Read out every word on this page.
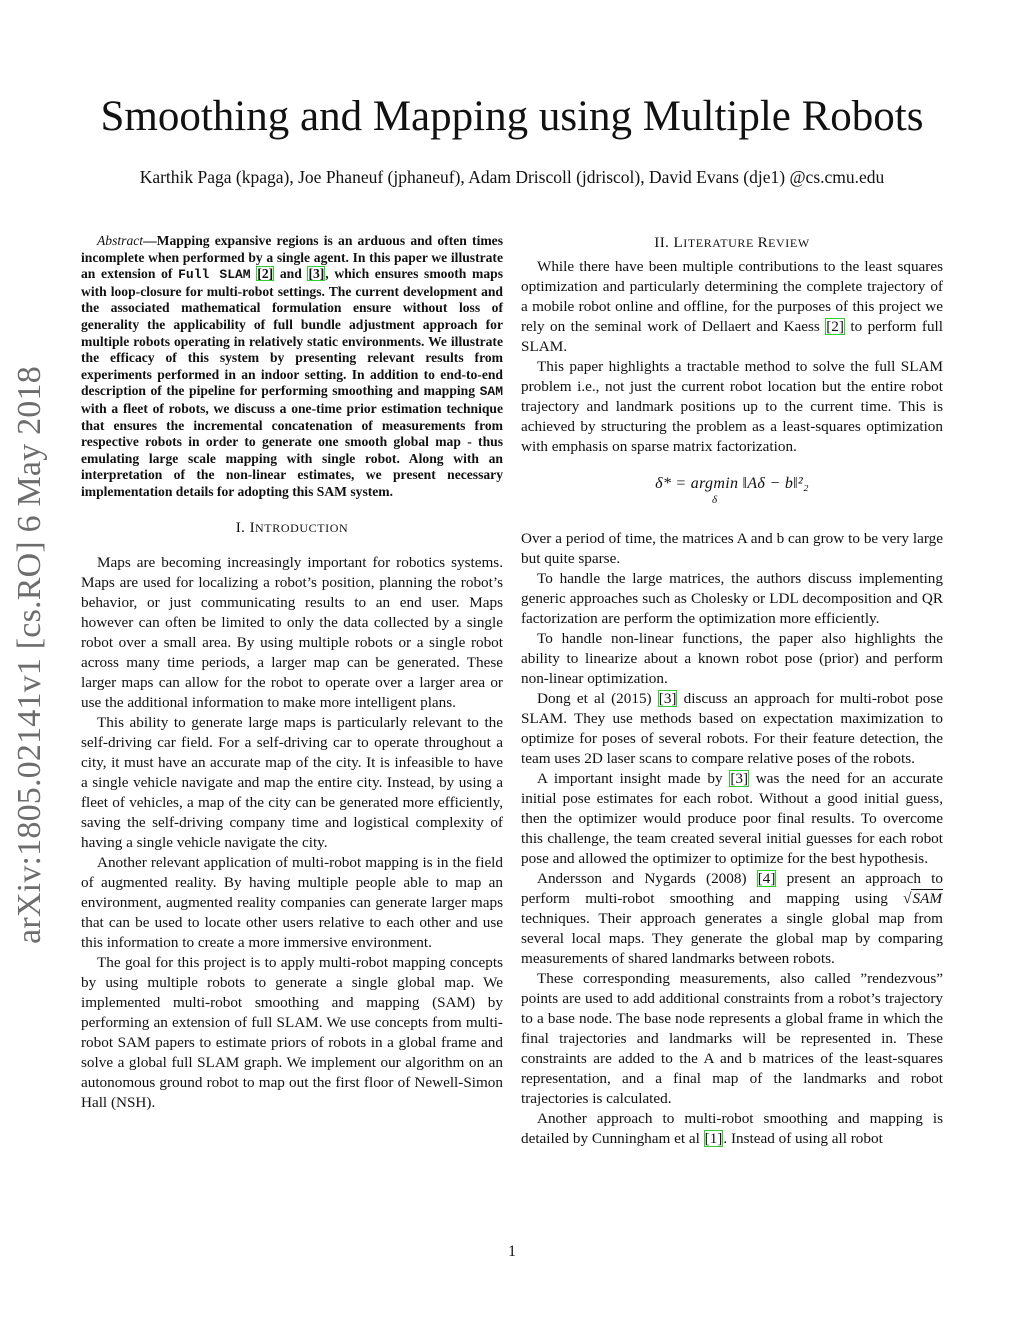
arXiv:1805.02141v1 [cs.RO] 6 May 2018
Smoothing and Mapping using Multiple Robots
Karthik Paga (kpaga), Joe Phaneuf (jphaneuf), Adam Driscoll (jdriscol), David Evans (dje1) @cs.cmu.edu

Abstract—Mapping expansive regions is an arduous and often times incomplete when performed by a single agent. In this paper we illustrate an extension of Full SLAM [2] and [3], which ensures smooth maps with loop-closure for multi-robot settings. The current development and the associated mathematical formulation ensure without loss of generality the applicability of full bundle adjustment approach for multiple robots operating in relatively static environments. We illustrate the efficacy of this system by presenting relevant results from experiments performed in an indoor setting. In addition to end-to-end description of the pipeline for performing smoothing and mapping SAM with a fleet of robots, we discuss a one-time prior estimation technique that ensures the incremental concatenation of measurements from respective robots in order to generate one smooth global map - thus emulating large scale mapping with single robot. Along with an interpretation of the non-linear estimates, we present necessary implementation details for adopting this SAM system.

I. INTRODUCTION

Maps are becoming increasingly important for robotics systems. Maps are used for localizing a robot’s position, planning the robot’s behavior, or just communicating results to an end user. Maps however can often be limited to only the data collected by a single robot over a small area. By using multiple robots or a single robot across many time periods, a larger map can be generated. These larger maps can allow for the robot to operate over a larger area or use the additional information to make more intelligent plans.

This ability to generate large maps is particularly relevant to the self-driving car field. For a self-driving car to operate throughout a city, it must have an accurate map of the city. It is infeasible to have a single vehicle navigate and map the entire city. Instead, by using a fleet of vehicles, a map of the city can be generated more efficiently, saving the self-driving company time and logistical complexity of having a single vehicle navigate the city.

Another relevant application of multi-robot mapping is in the field of augmented reality. By having multiple people able to map an environment, augmented reality companies can generate larger maps that can be used to locate other users relative to each other and use this information to create a more immersive environment.

The goal for this project is to apply multi-robot mapping concepts by using multiple robots to generate a single global map. We implemented multi-robot smoothing and mapping (SAM) by performing an extension of full SLAM. We use concepts from multi-robot SAM papers to estimate priors of robots in a global frame and solve a global full SLAM graph. We implement our algorithm on an autonomous ground robot to map out the first floor of Newell-Simon Hall (NSH).

II. LITERATURE REVIEW

While there have been multiple contributions to the least squares optimization and particularly determining the complete trajectory of a mobile robot online and offline, for the purposes of this project we rely on the seminal work of Dellaert and Kaess [2] to perform full SLAM.

This paper highlights a tractable method to solve the full SLAM problem i.e., not just the current robot location but the entire robot trajectory and landmark positions up to the current time. This is achieved by structuring the problem as a least-squares optimization with emphasis on sparse matrix factorization.

δ* = argmin ‖Aδ − b‖²₂
δ

Over a period of time, the matrices A and b can grow to be very large but quite sparse.

To handle the large matrices, the authors discuss implementing generic approaches such as Cholesky or LDL decomposition and QR factorization are perform the optimization more efficiently.

To handle non-linear functions, the paper also highlights the ability to linearize about a known robot pose (prior) and perform non-linear optimization.

Dong et al (2015) [3] discuss an approach for multi-robot pose SLAM. They use methods based on expectation maximization to optimize for poses of several robots. For their feature detection, the team uses 2D laser scans to compare relative poses of the robots.

A important insight made by [3] was the need for an accurate initial pose estimates for each robot. Without a good initial guess, then the optimizer would produce poor final results. To overcome this challenge, the team created several initial guesses for each robot pose and allowed the optimizer to optimize for the best hypothesis.

Andersson and Nygards (2008) [4] present an approach to perform multi-robot smoothing and mapping using √SAM techniques. Their approach generates a single global map from several local maps. They generate the global map by comparing measurements of shared landmarks between robots.

These corresponding measurements, also called ”rendezvous” points are used to add additional constraints from a robot’s trajectory to a base node. The base node represents a global frame in which the final trajectories and landmarks will be represented in. These constraints are added to the A and b matrices of the least-squares representation, and a final map of the landmarks and robot trajectories is calculated.

Another approach to multi-robot smoothing and mapping is detailed by Cunningham et al [1]. Instead of using all robot

1
